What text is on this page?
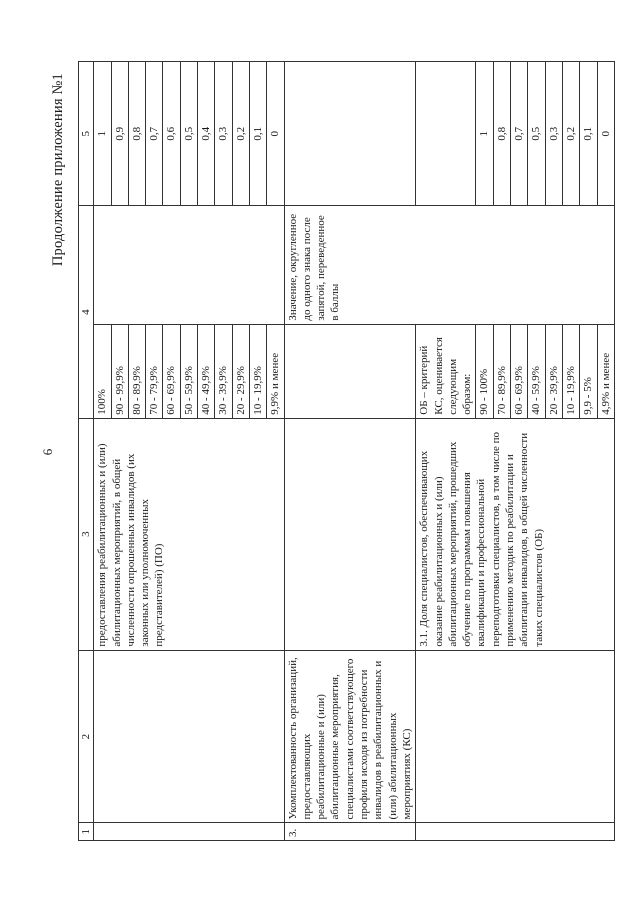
6
Продолжение приложения №1
1	2	3	4		5
		предоставления реабилитационных и (или) абилитационных мероприятий, в общей численности опрошенных инвалидов (их законных или уполномоченных представителей) (ПО)	100%		1
			90 - 99,9%		0,9
			80 - 89,9%		0,8
			70 - 79,9%		0,7
			60 - 69,9%		0,6
			50 - 59,9%		0,5
			40 - 49,9%		0,4
			30 - 39,9%		0,3
			20 - 29,9%		0,2
			10 - 19,9%		0,1
			9,9% и менее		0
3.	Укомплектованность организаций, предоставляющих реабилитационные и (или) абилитационные мероприятия, специалистами соответствующего профиля исходя из потребности инвалидов в реабилитационных и (или) абилитационных мероприятиях (КС)			Значение, округленное до одного знака после запятой, переведенное в баллы	
		3.1. Доля специалистов, обеспечивающих оказание реабилитационных и (или) абилитационных мероприятий, прошедших обучение по программам повышения квалификации и профессиональной переподготовки специалистов, в том числе по применению методик по реабилитации и абилитации инвалидов, в общей численности таких специалистов (ОБ)	ОБ – критерий КС, оценивается следующим образом:		
			90 - 100%		1
			70 - 89,9%		0,8
			60 - 69,9%		0,7
			40 - 59,9%		0,5
			20 - 39,9%		0,3
			10 - 19,9%		0,2
			9,9 - 5%		0,1
			4,9% и менее		0
